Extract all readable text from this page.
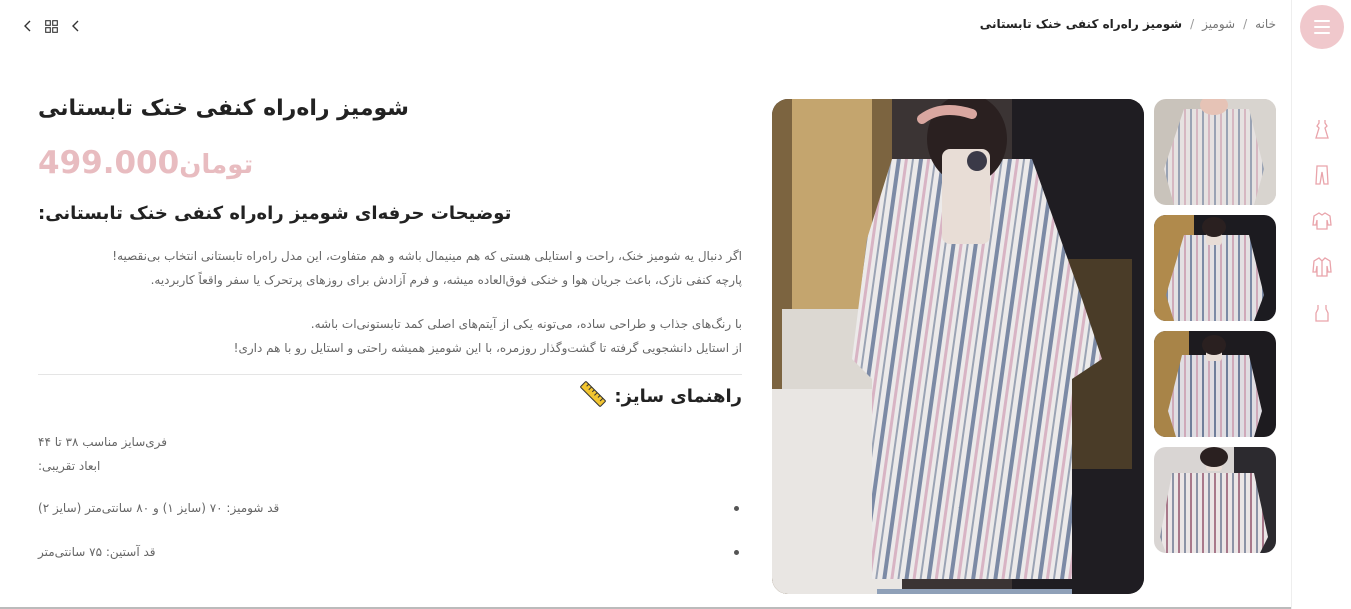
خانه
/
شومیز
/
شومیز راه‌راه کنفی خنک تابستانی
شومیز راه‌راه کنفی خنک تابستانی
499.000تومان
توضیحات حرفه‌ای شومیز راه‌راه کنفی خنک تابستانی:

اگر دنبال یه شومیز خنک، راحت و استایلی هستی که هم مینیمال باشه و هم متفاوت، این مدل راه‌راه تابستانی انتخاب بی‌نقصیه!

پارچه کنفی نازک، باعث جریان هوا و خنکی فوق‌العاده میشه، و فرم آزادش برای روزهای پرتحرک یا سفر واقعاً کاربردیه.

با رنگ‌های جذاب و طراحی ساده، می‌تونه یکی از آیتم‌های اصلی کمد تابستونی‌ات باشه.

از استایل دانشجویی گرفته تا گشت‌وگذار روزمره، با این شومیز همیشه راحتی و استایل رو با هم داری!

راهنمای سایز:

فری‌سایز مناسب ۳۸ تا ۴۴

ابعاد تقریبی:

قد شومیز: ۷۰ (سایز ۱) و ۸۰ سانتی‌متر (سایز ۲)
قد آستین: ۷۵ سانتی‌متر
